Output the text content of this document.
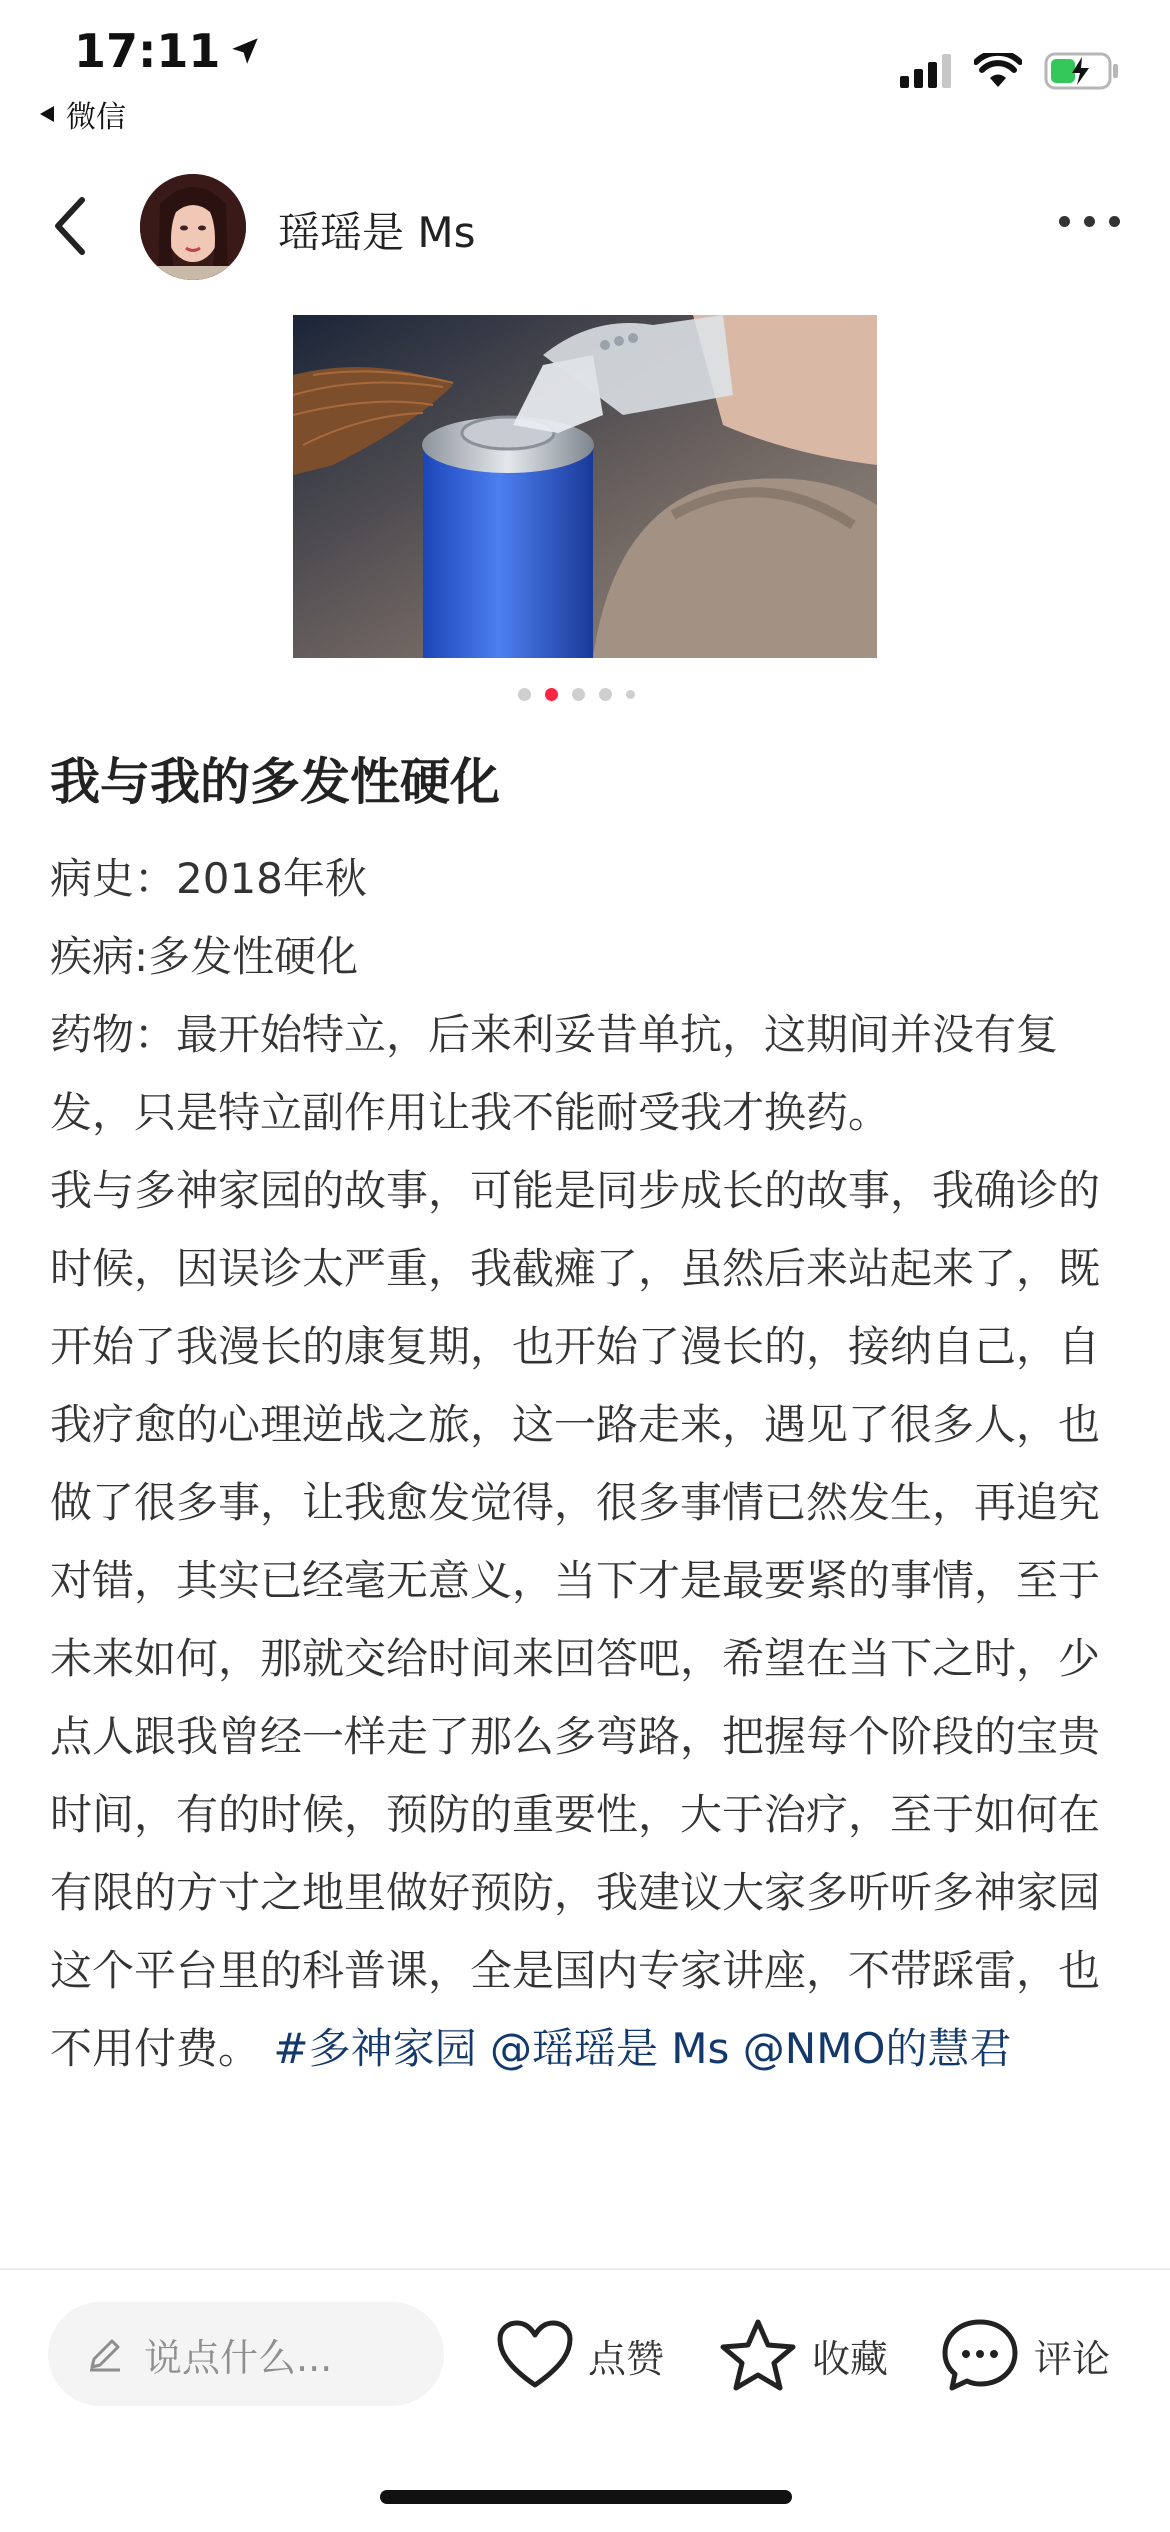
17:11
微信
瑶瑶是 Ms
我与我的多发性硬化

病史：2018年秋

疾病:多发性硬化

药物：最开始特立，后来利妥昔单抗，这期间并没有复发，只是特立副作用让我不能耐受我才换药。

我与多神家园的故事，可能是同步成长的故事，我确诊的时候，因误诊太严重，我截瘫了，虽然后来站起来了，既开始了我漫长的康复期，也开始了漫长的，接纳自己，自我疗愈的心理逆战之旅，这一路走来，遇见了很多人，也做了很多事，让我愈发觉得，很多事情已然发生，再追究对错，其实已经毫无意义，当下才是最要紧的事情，至于未来如何，那就交给时间来回答吧，希望在当下之时，少点人跟我曾经一样走了那么多弯路，把握每个阶段的宝贵时间，有的时候，预防的重要性，大于治疗，至于如何在有限的方寸之地里做好预防，我建议大家多听听多神家园这个平台里的科普课，全是国内专家讲座，不带踩雷，也不用付费。 #多神家园 @瑶瑶是 Ms @NMO的慧君

说点什么...	点赞	收藏	评论
